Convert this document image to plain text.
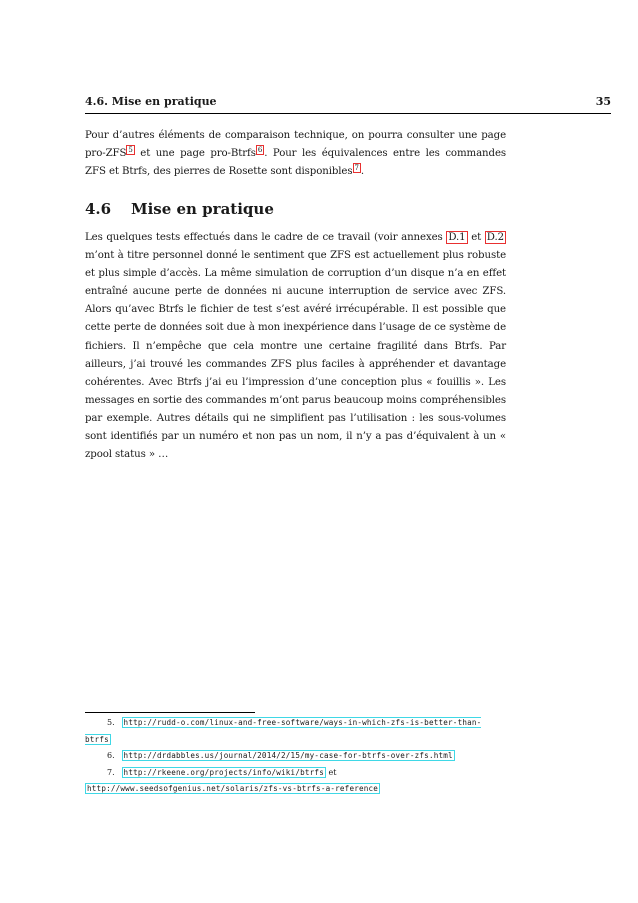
4.6. Mise en pratique	35
Pour d’autres éléments de comparaison technique, on pourra consulter une page pro-ZFS $^5$ et une page pro-Btrfs $^6$ . Pour les équivalences entre les commandes ZFS et Btrfs, des pierres de Rosette sont disponibles $^7$ .
4.6 Mise en pratique
Les quelques tests effectués dans le cadre de ce travail (voir annexes D.1 et D.2 m’ont à titre personnel donné le sentiment que ZFS est actuellement plus robuste et plus simple d’accès. La même simulation de corruption d’un disque n’a en effet entraîné aucune perte de données ni aucune interruption de service avec ZFS. Alors qu’avec Btrfs le fichier de test s’est avéré irrécupérable. Il est possible que cette perte de données soit due à mon inexpérience dans l’usage de ce système de fichiers. Il n’empêche que cela montre une certaine fragilité dans Btrfs. Par ailleurs, j’ai trouvé les commandes ZFS plus faciles à appréhender et davantage cohérentes. Avec Btrfs j’ai eu l’impression d’une conception plus « fouillis ». Les messages en sortie des commandes m’ont parus beaucoup moins compréhensibles par exemple. Autres détails qui ne simplifient pas l’utilisation : les sous-volumes sont identifiés par un numéro et non pas un nom, il n’y a pas d’équivalent à un « zpool status » …

5. http://rudd-o.com/linux-and-free-software/ways-in-which-zfs-is-better-than-btrfs

6. http://drdabbles.us/journal/2014/2/15/my-case-for-btrfs-over-zfs.html

7. http://rkeene.org/projects/info/wiki/btrfs et http://www.seedsofgenius.net/solaris/zfs-vs-btrfs-a-reference
